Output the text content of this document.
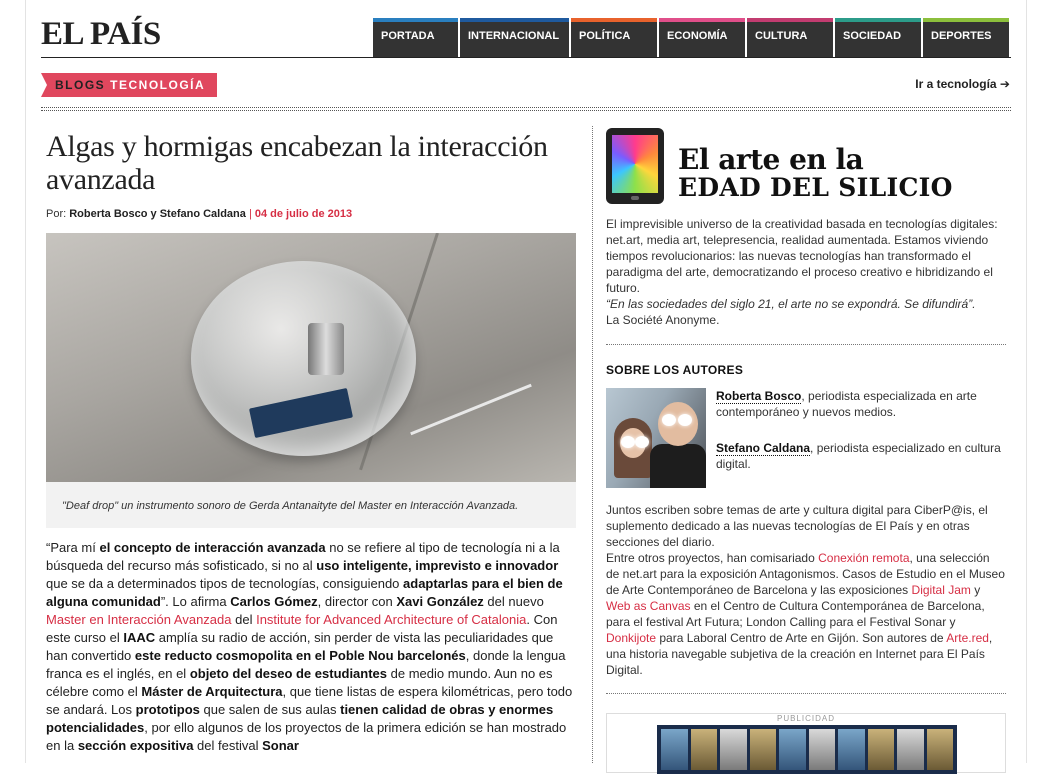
EL PAÍS	PORTADA	INTERNACIONAL	POLÍTICA	ECONOMÍA	CULTURA	SOCIEDAD	DEPORTES
BLOGS TECNOLOGÍA	Ir a tecnología ➔
Algas y hormigas encabezan la interacción avanzada
Por: Roberta Bosco y Stefano Caldana | 04 de julio de 2013
"Deaf drop" un instrumento sonoro de Gerda Antanaityte del Master en Interacción Avanzada.
“Para mí el concepto de interacción avanzada no se refiere al tipo de tecnología ni a la búsqueda del recurso más sofisticado, si no al uso inteligente, imprevisto e innovador que se da a determinados tipos de tecnologías, consiguiendo adaptarlas para el bien de alguna comunidad”. Lo afirma Carlos Gómez, director con Xavi González del nuevo Master en Interacción Avanzada del Institute for Advanced Architecture of Catalonia. Con este curso el IAAC amplía su radio de acción, sin perder de vista las peculiaridades que han convertido este reducto cosmopolita en el Poble Nou barcelonés, donde la lengua franca es el inglés, en el objeto del deseo de estudiantes de medio mundo. Aun no es célebre como el Máster de Arquitectura, que tiene listas de espera kilométricas, pero todo se andará. Los prototipos que salen de sus aulas tienen calidad de obras y enormes potencialidades, por ello algunos de los proyectos de la primera edición se han mostrado en la sección expositiva del festival Sonar
El arte en la
EDAD DEL SILICIO
El imprevisible universo de la creatividad basada en tecnologías digitales: net.art, media art, telepresencia, realidad aumentada. Estamos viviendo tiempos revolucionarios: las nuevas tecnologías han transformado el paradigma del arte, democratizando el proceso creativo e hibridizando el futuro.
“En las sociedades del siglo 21, el arte no se expondrá. Se difundirá”.
La Société Anonyme.
SOBRE LOS AUTORES
Roberta Bosco, periodista especializada en arte contemporáneo y nuevos medios.
Stefano Caldana, periodista especializado en cultura digital.
Juntos escriben sobre temas de arte y cultura digital para CiberP@is, el suplemento dedicado a las nuevas tecnologías de El País y en otras secciones del diario.
Entre otros proyectos, han comisariado Conexión remota, una selección de net.art para la exposición Antagonismos. Casos de Estudio en el Museo de Arte Contemporáneo de Barcelona y las exposiciones Digital Jam y Web as Canvas en el Centro de Cultura Contemporánea de Barcelona, para el festival Art Futura; London Calling para el Festival Sonar y Donkijote para Laboral Centro de Arte en Gijón. Son autores de Arte.red, una historia navegable subjetiva de la creación en Internet para El País Digital.
PUBLICIDAD
